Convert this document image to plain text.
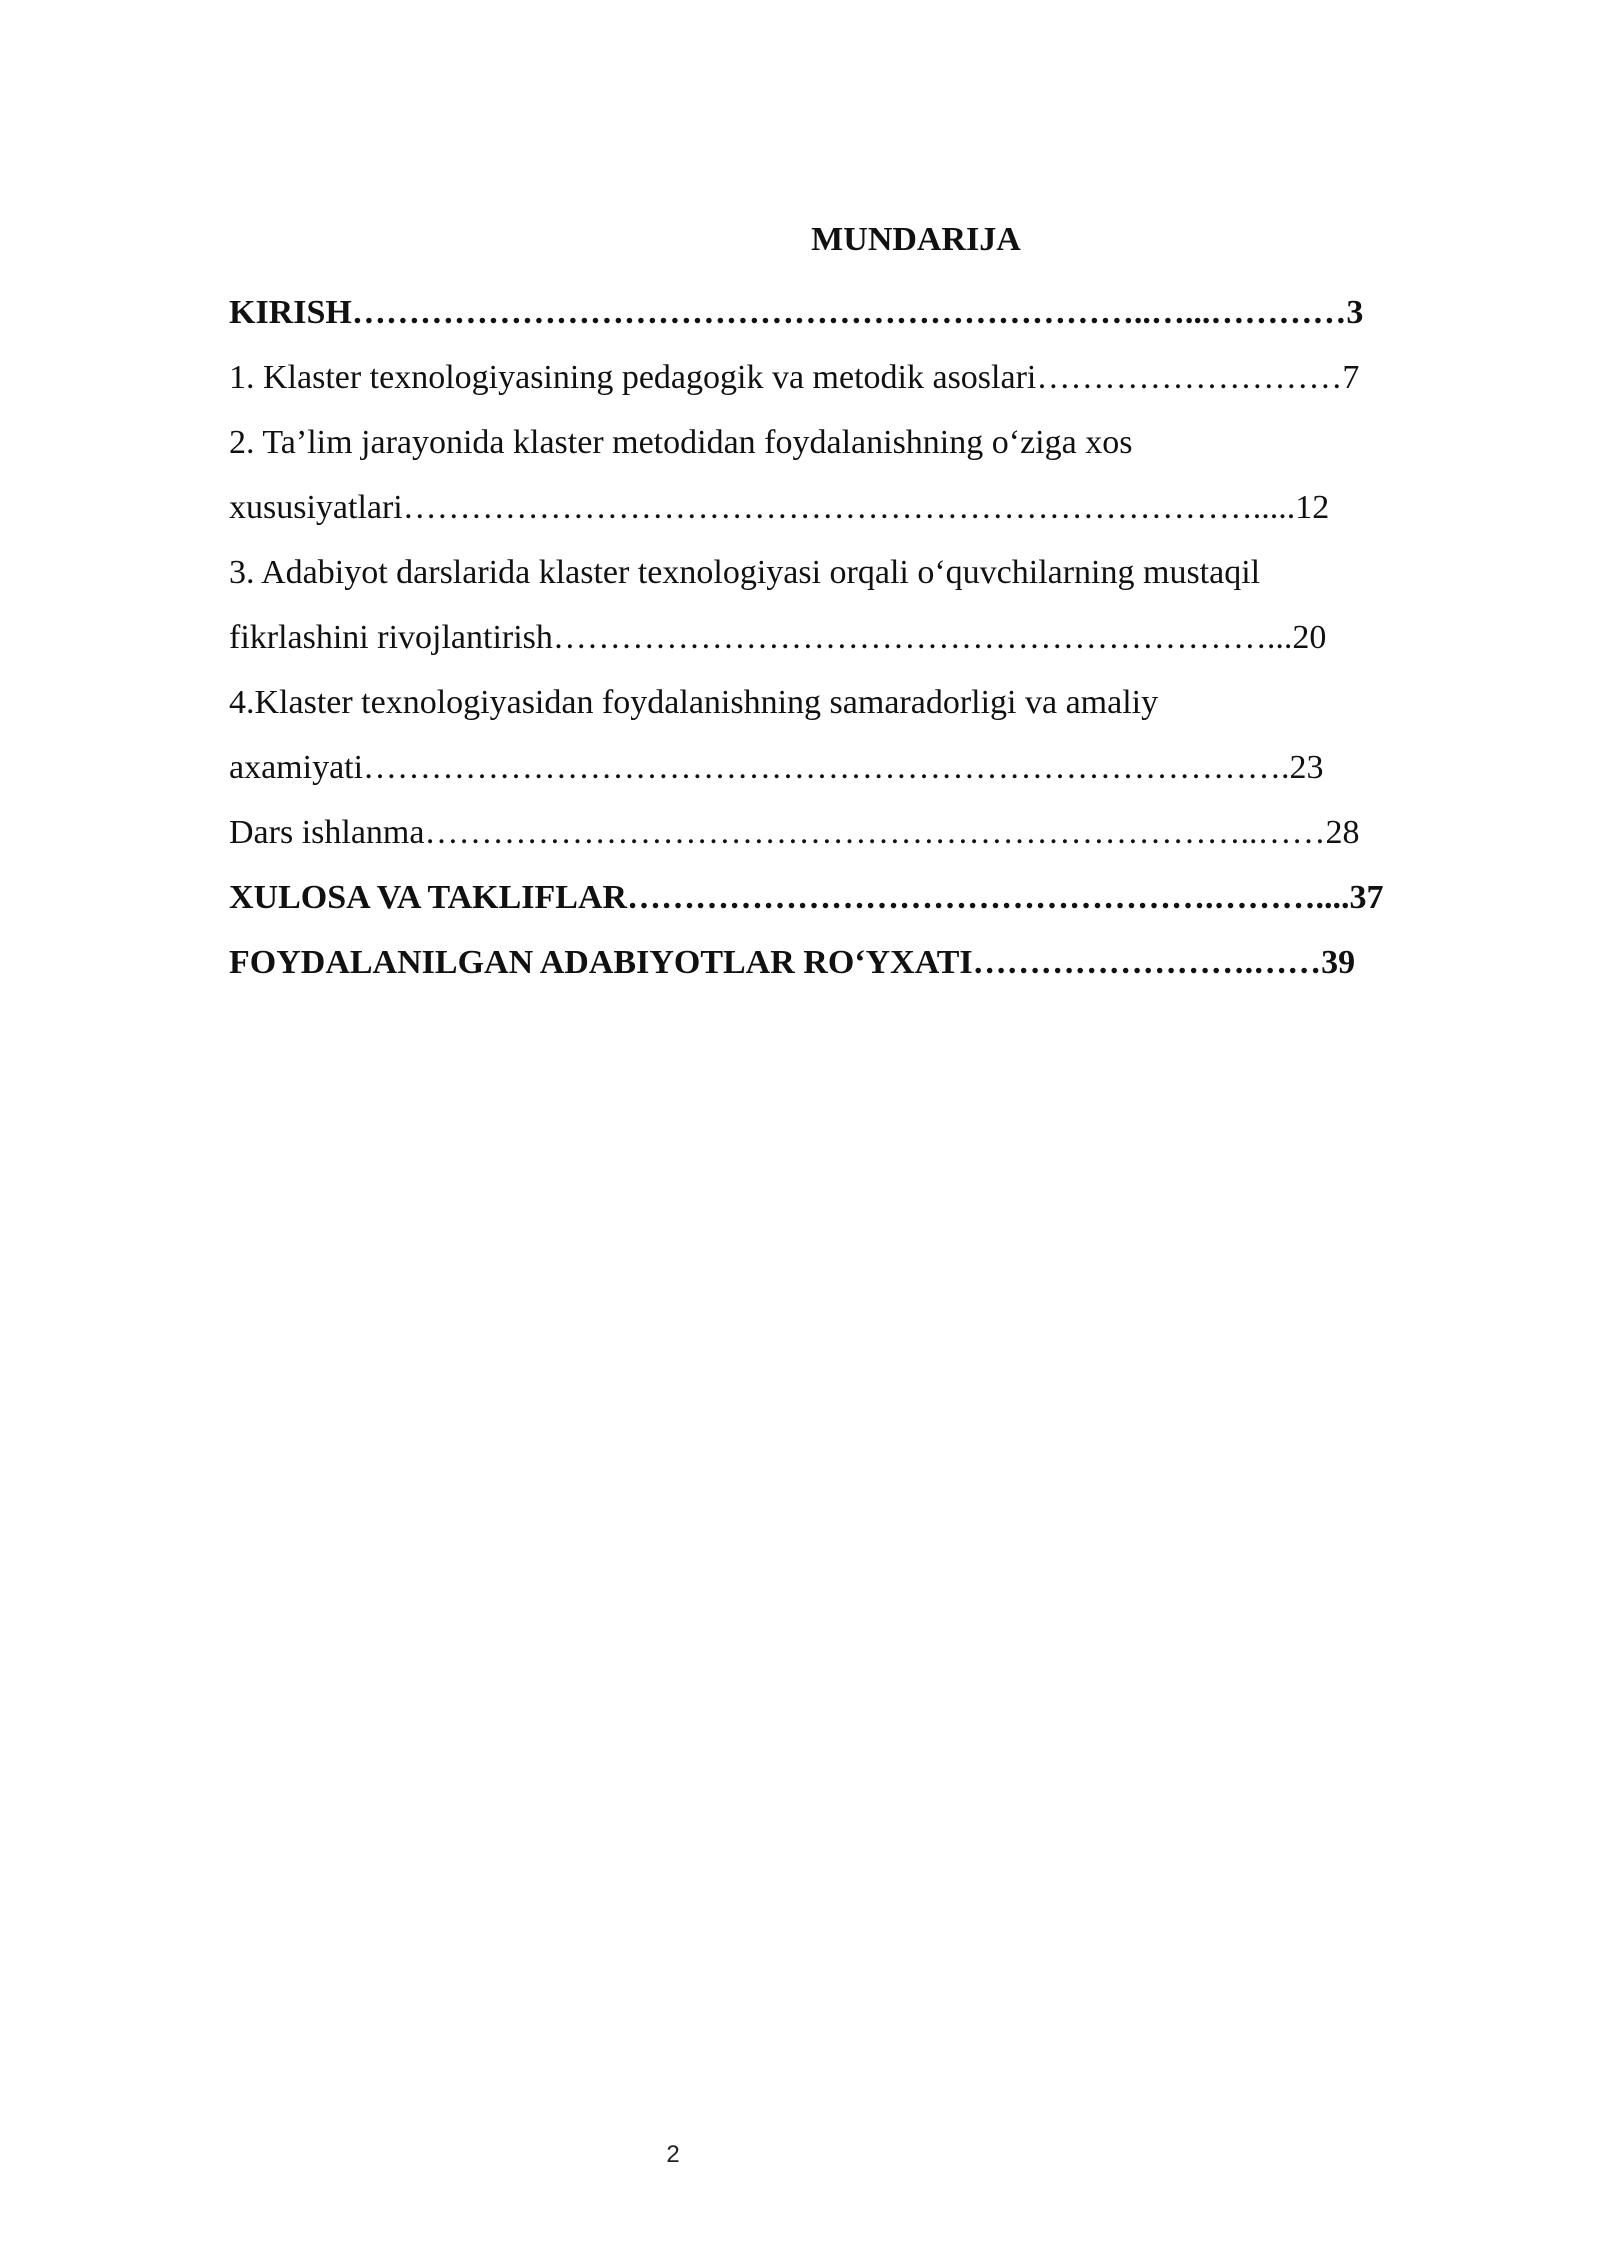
MUNDARIJA
KIRISH……………………………………………………………..…...…………3
1. Klaster texnologiyasining pedagogik va metodik asoslari………………………7
2. Ta’lim jarayonida klaster metodidan foydalanishning o‘ziga xos
xususiyatlari………………………………………………………………….....12
3. Adabiyot darslarida klaster texnologiyasi orqali o‘quvchilarning mustaqil
fikrlashini rivojlantirish………………………………………………………...20
4.Klaster texnologiyasidan foydalanishning samaradorligi va amaliy
axamiyati……………………………………………………………………….23
Dars ishlanma………………………………………………………………..……28
XULOSA VA TAKLIFLAR…………………………………………….………....37
FOYDALANILGAN ADABIYOTLAR RO‘YXATI…………………….……39
2
